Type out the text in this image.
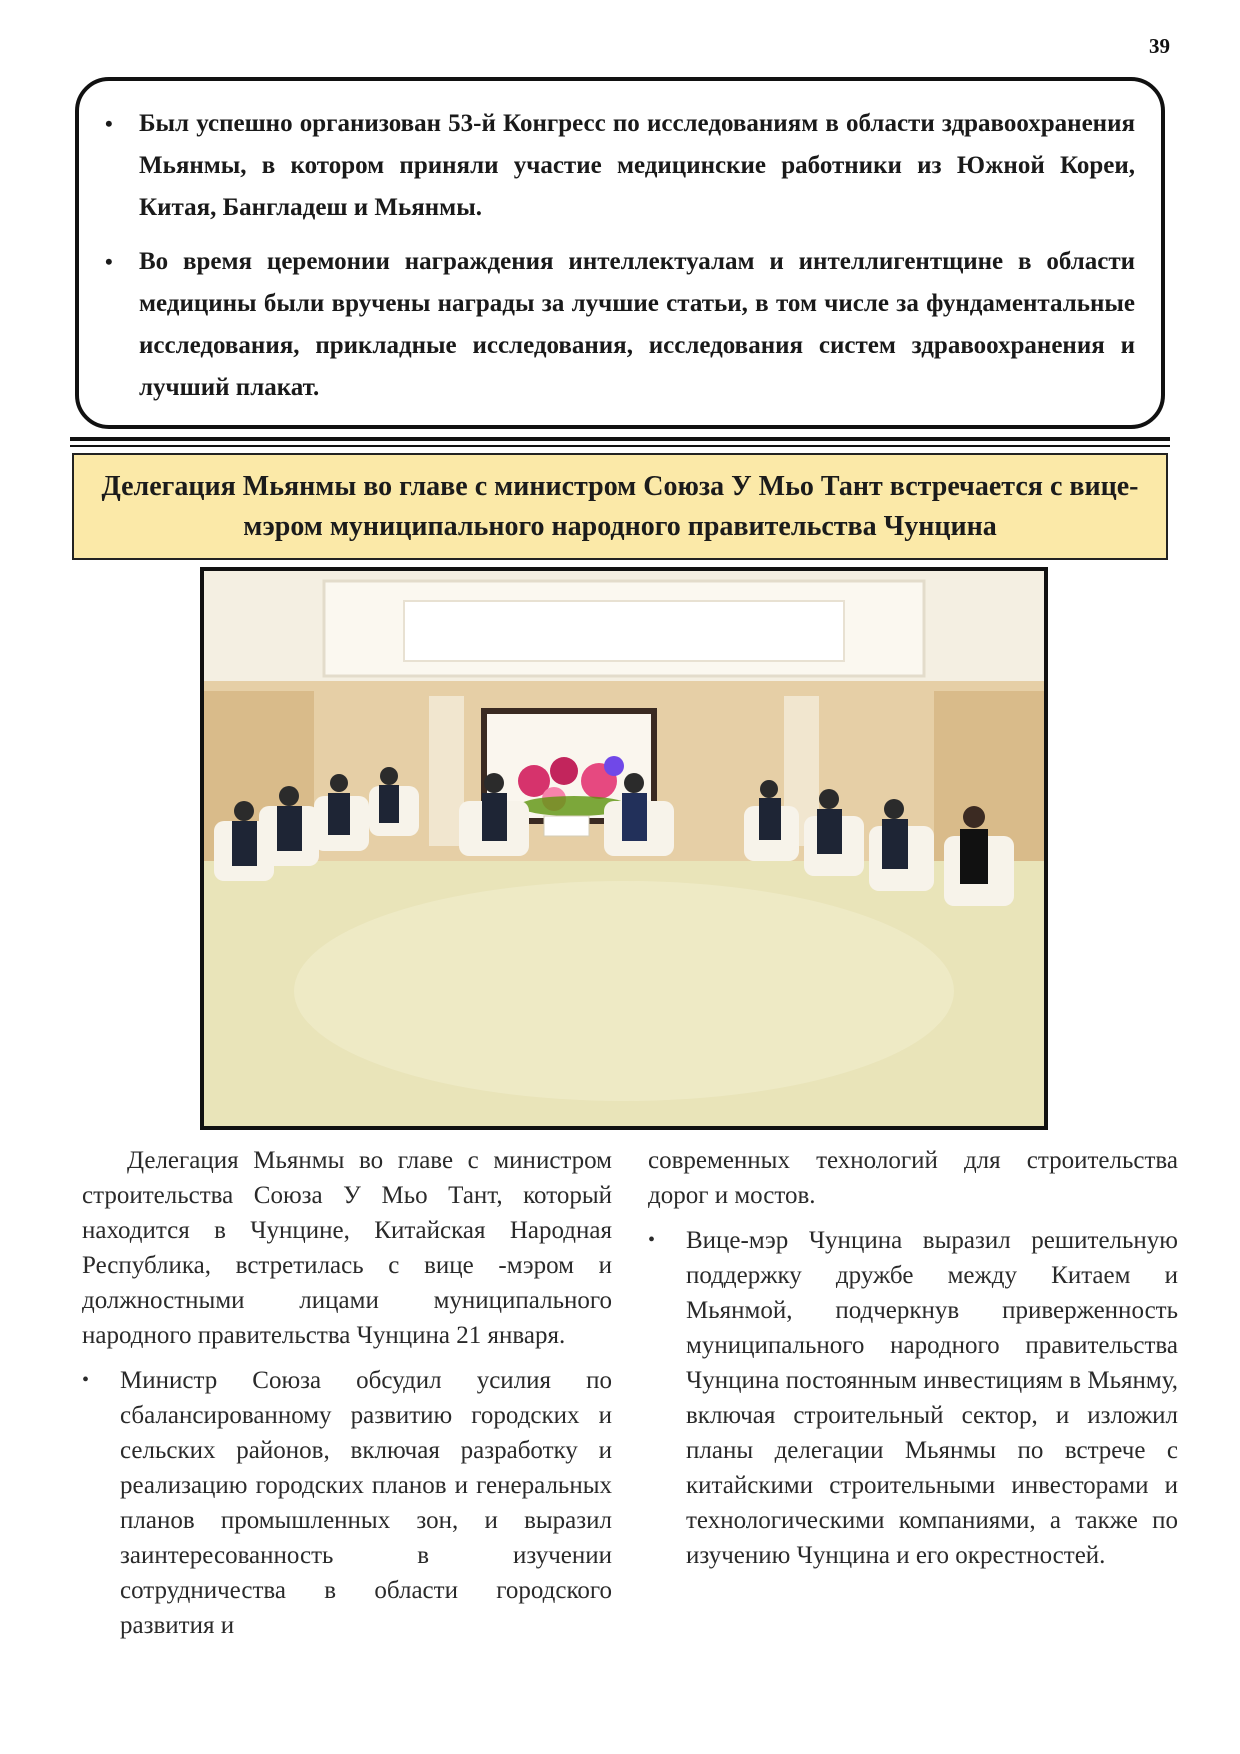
39
• Был успешно организован 53-й Конгресс по исследованиям в области здравоохранения Мьянмы, в котором приняли участие медицинские работники из Южной Кореи, Китая, Бангладеш и Мьянмы.
• Во время церемонии награждения интеллектуалам и интеллигентщине в области медицины были вручены награды за лучшие статьи, в том числе за фундаментальные исследования, прикладные исследования, исследования систем здравоохранения и лучший плакат.
Делегация Мьянмы во главе с министром Союза У Мьо Тант встречается с вице-мэром муниципального народного правительства Чунцина

Делегация Мьянмы во главе с министром строительства Союза У Мьо Тант, который находится в Чунцине, Китайская Народная Республика, встретилась с вице -мэром и должностными лицами муниципального народного правительства Чунцина 21 января.

• Министр Союза обсудил усилия по сбалансированному развитию городских и сельских районов, включая разработку и реализацию городских планов и генеральных планов промышленных зон, и выразил заинтересованность в изучении сотрудничества в области городского развития и

современных технологий для строительства дорог и мостов.

• Вице-мэр Чунцина выразил решительную поддержку дружбе между Китаем и Мьянмой, подчеркнув приверженность муниципального народного правительства Чунцина постоянным инвестициям в Мьянму, включая строительный сектор, и изложил планы делегации Мьянмы по встрече с китайскими строительными инвесторами и технологическими компаниями, а также по изучению Чунцина и его окрестностей.
